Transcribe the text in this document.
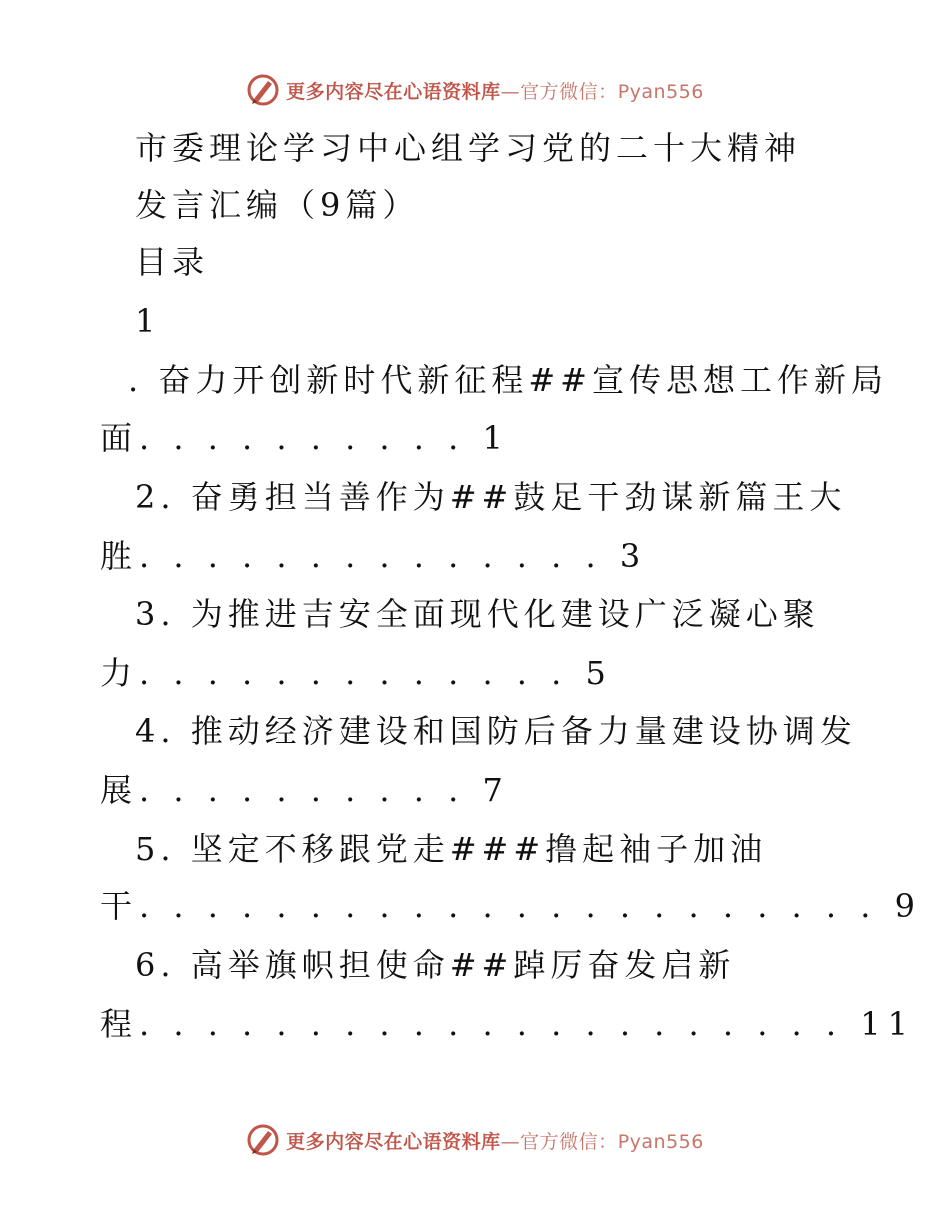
更多内容尽在心语资料库—官方微信：Pyan556
市委理论学习中心组学习党的二十大精神
发言汇编（9篇）
目录
1
. 奋力开创新时代新征程##宣传思想工作新局
面. . . . . . . . . . 1
2. 奋勇担当善作为##鼓足干劲谋新篇王大
胜. . . . . . . . . . . . . . 3
3. 为推进吉安全面现代化建设广泛凝心聚
力. . . . . . . . . . . . . 5
4. 推动经济建设和国防后备力量建设协调发
展. . . . . . . . . . 7
5. 坚定不移跟党走###撸起袖子加油
干. . . . . . . . . . . . . . . . . . . . . . 9
6. 高举旗帜担使命##踔厉奋发启新
程. . . . . . . . . . . . . . . . . . . . . 11
更多内容尽在心语资料库—官方微信：Pyan556
